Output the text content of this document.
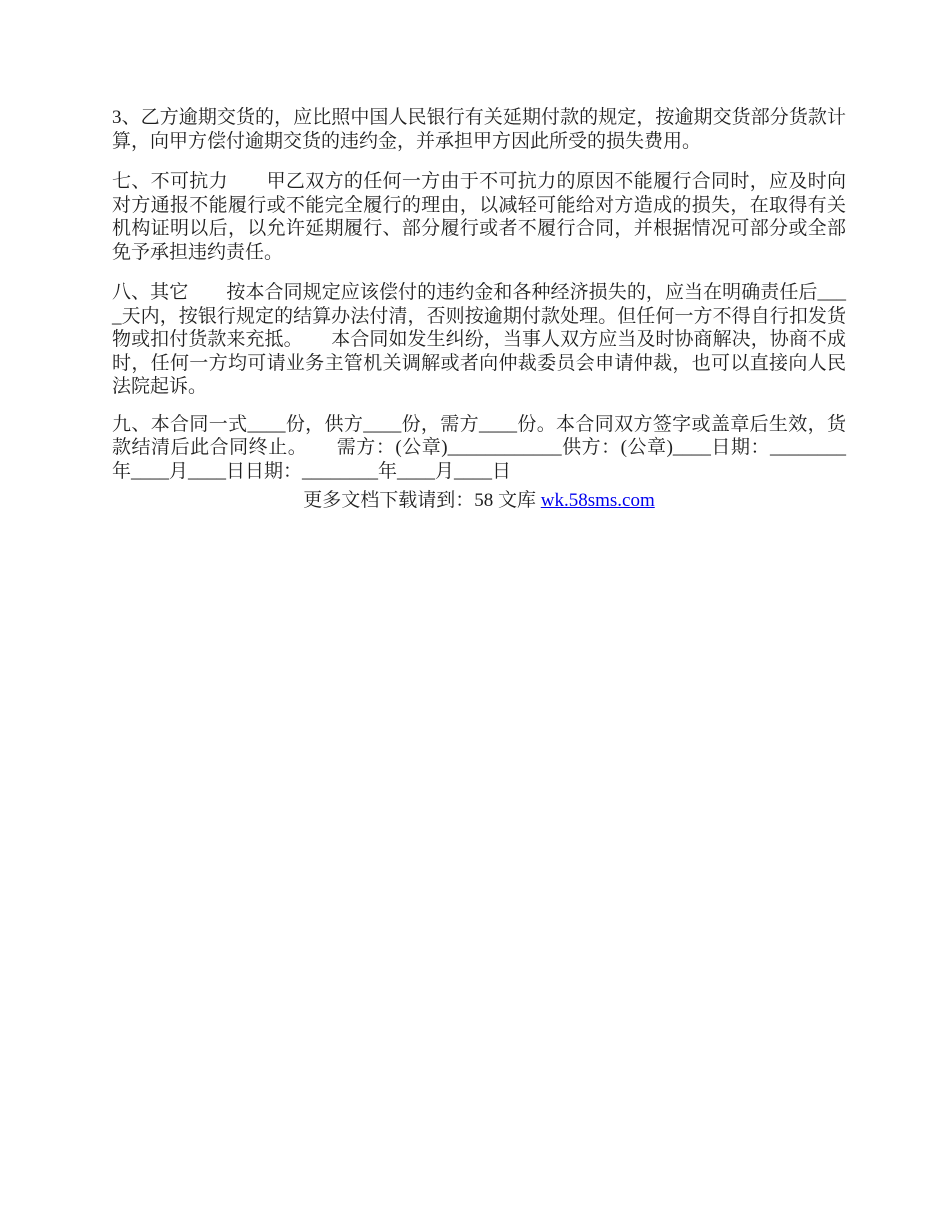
3、乙方逾期交货的，应比照中国人民银行有关延期付款的规定，按逾期交货部分货款计算，向甲方偿付逾期交货的违约金，并承担甲方因此所受的损失费用。

七、不可抗力　　甲乙双方的任何一方由于不可抗力的原因不能履行合同时，应及时向对方通报不能履行或不能完全履行的理由，以减轻可能给对方造成的损失，在取得有关机构证明以后，以允许延期履行、部分履行或者不履行合同，并根据情况可部分或全部免予承担违约责任。

八、其它　　按本合同规定应该偿付的违约金和各种经济损失的，应当在明确责任后____天内，按银行规定的结算办法付清，否则按逾期付款处理。但任何一方不得自行扣发货物或扣付货款来充抵。　　本合同如发生纠纷，当事人双方应当及时协商解决，协商不成时，任何一方均可请业务主管机关调解或者向仲裁委员会申请仲裁，也可以直接向人民法院起诉。

九、本合同一式____份，供方____份，需方____份。本合同双方签字或盖章后生效，货款结清后此合同终止。　　需方：(公章)____________供方：(公章)____日期：________年____月____日日期：________年____月____日

更多文档下载请到：58 文库 wk.58sms.com
